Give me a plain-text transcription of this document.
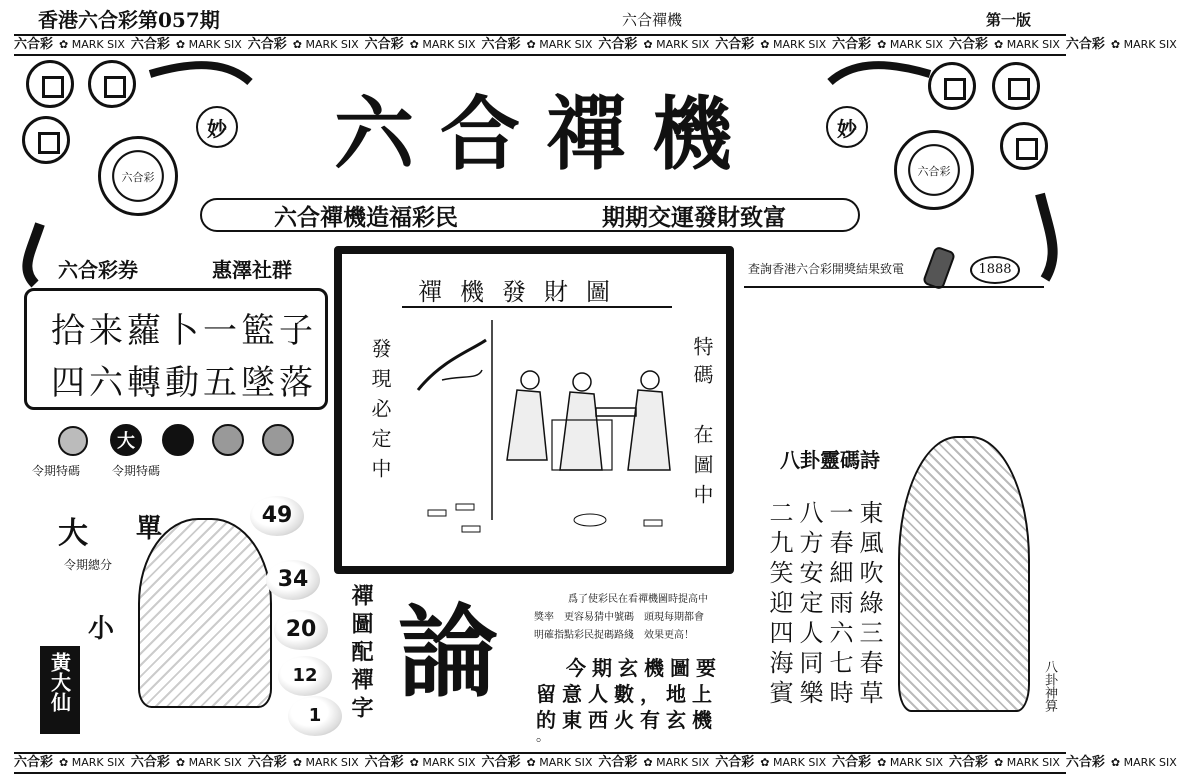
香港六合彩第057期	六合禪機	第一版
六合彩 ✿ MARK SIX 六合彩 ✿ MARK SIX 六合彩 ✿ MARK SIX 六合彩 ✿ MARK SIX 六合彩 ✿ MARK SIX 六合彩 ✿ MARK SIX 六合彩 ✿ MARK SIX 六合彩 ✿ MARK SIX 六合彩 ✿ MARK SIX 六合彩 ✿ MARK SIX
六合彩
妙
六合彩
妙
六合禪機
六合禪機造福彩民	期期交運發財致富
六合彩券	惠澤社群
拾来蘿卜一籃子
四六轉動五墜落
大
令期特碼	令期特碼
大 單
令期總分
小
黃大仙
49
34
20
12
1
禪機發財圖
發現必定中	特碼
在圖中
禪圖配禪字 論	爲了使彩民在看禪機圖時提高中
獎率　更容易猜中號碼　頭現每期都會
明確指點彩民捉碼路綫　效果更高！
今期玄機圖要
留意人數，地上
的東西火有玄機
。
查詢香港六合彩開獎結果致電	1888
八卦靈碼詩
東風吹綠三春草
一春細雨六七時
八方安定人同樂
二九笑迎四海賓	八卦神算
六合彩 ✿ MARK SIX 六合彩 ✿ MARK SIX 六合彩 ✿ MARK SIX 六合彩 ✿ MARK SIX 六合彩 ✿ MARK SIX 六合彩 ✿ MARK SIX 六合彩 ✿ MARK SIX 六合彩 ✿ MARK SIX 六合彩 ✿ MARK SIX 六合彩 ✿ MARK SIX
